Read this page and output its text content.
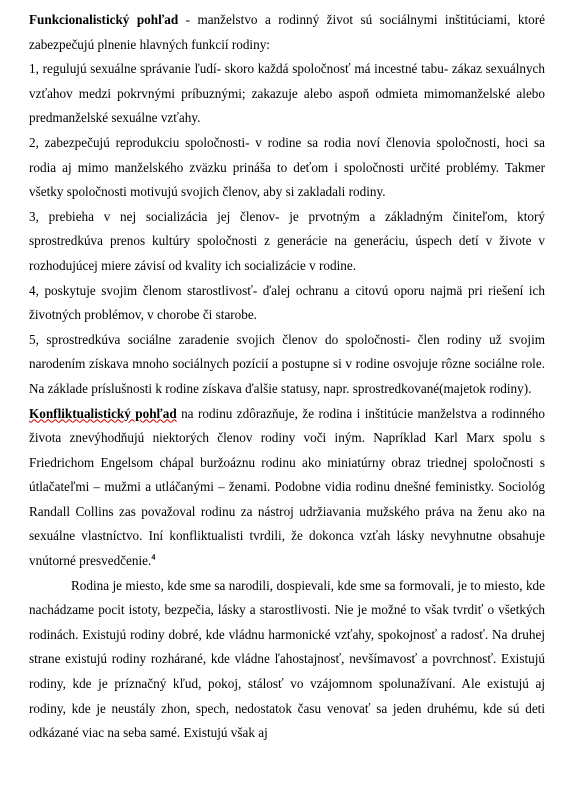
Funkcionalistický pohľad - manželstvo a rodinný život sú sociálnymi inštitúciami, ktoré zabezpečujú plnenie hlavných funkcií rodiny:

1, regulujú sexuálne správanie ľudí- skoro každá spoločnosť má incestné tabu- zákaz sexuálnych vzťahov medzi pokrvnými príbuznými; zakazuje alebo aspoň odmieta mimomanželské alebo predmanželské sexuálne vzťahy.

2, zabezpečujú reprodukciu spoločnosti- v rodine sa rodia noví členovia spoločnosti, hoci sa rodia aj mimo manželského zväzku prináša to deťom i spoločnosti určité problémy. Takmer všetky spoločnosti motivujú svojich členov, aby si zakladali rodiny.

3, prebieha v nej socializácia jej členov- je prvotným a základným činiteľom, ktorý sprostredkúva prenos kultúry spoločnosti z generácie na generáciu, úspech detí v živote v rozhodujúcej miere závisí od kvality ich socializácie v rodine.

4, poskytuje svojim členom starostlivosť- ďalej ochranu a citovú oporu najmä pri riešení ich životných problémov, v chorobe či starobe.

5, sprostredkúva sociálne zaradenie svojich členov do spoločnosti- člen rodiny už svojim narodením získava mnoho sociálnych pozícií a postupne si v rodine osvojuje rôzne sociálne role. Na základe príslušnosti k rodine získava ďalšie statusy, napr. sprostredkované(majetok rodiny).

Konfliktualistický pohľad na rodinu zdôrazňuje, že rodina i inštitúcie manželstva a rodinného života znevýhodňujú niektorých členov rodiny voči iným. Napríklad Karl Marx spolu s Friedrichom Engelsom chápal buržoáznu rodinu ako miniatúrny obraz triednej spoločnosti s útlačateľmi – mužmi a utláčanými – ženami. Podobne vidia rodinu dnešné feministky. Sociológ Randall Collins zas považoval rodinu za nástroj udržiavania mužského práva na ženu ako na sexuálne vlastníctvo. Iní konfliktualisti tvrdili, že dokonca vzťah lásky nevyhnutne obsahuje vnútorné presvedčenie.$^4$

Rodina je miesto, kde sme sa narodili, dospievali, kde sme sa formovali, je to miesto, kde nachádzame pocit istoty, bezpečia, lásky a starostlivosti. Nie je možné to však tvrdiť o všetkých rodinách. Existujú rodiny dobré, kde vládnu harmonické vzťahy, spokojnosť a radosť. Na druhej strane existujú rodiny rozhárané, kde vládne ľahostajnosť, nevšímavosť a povrchnosť. Existujú rodiny, kde je príznačný kľud, pokoj, stálosť vo vzájomnom spolunažívaní. Ale existujú aj rodiny, kde je neustály zhon, spech, nedostatok času venovať sa jeden druhému, kde sú deti odkázané viac na seba samé. Existujú však aj
